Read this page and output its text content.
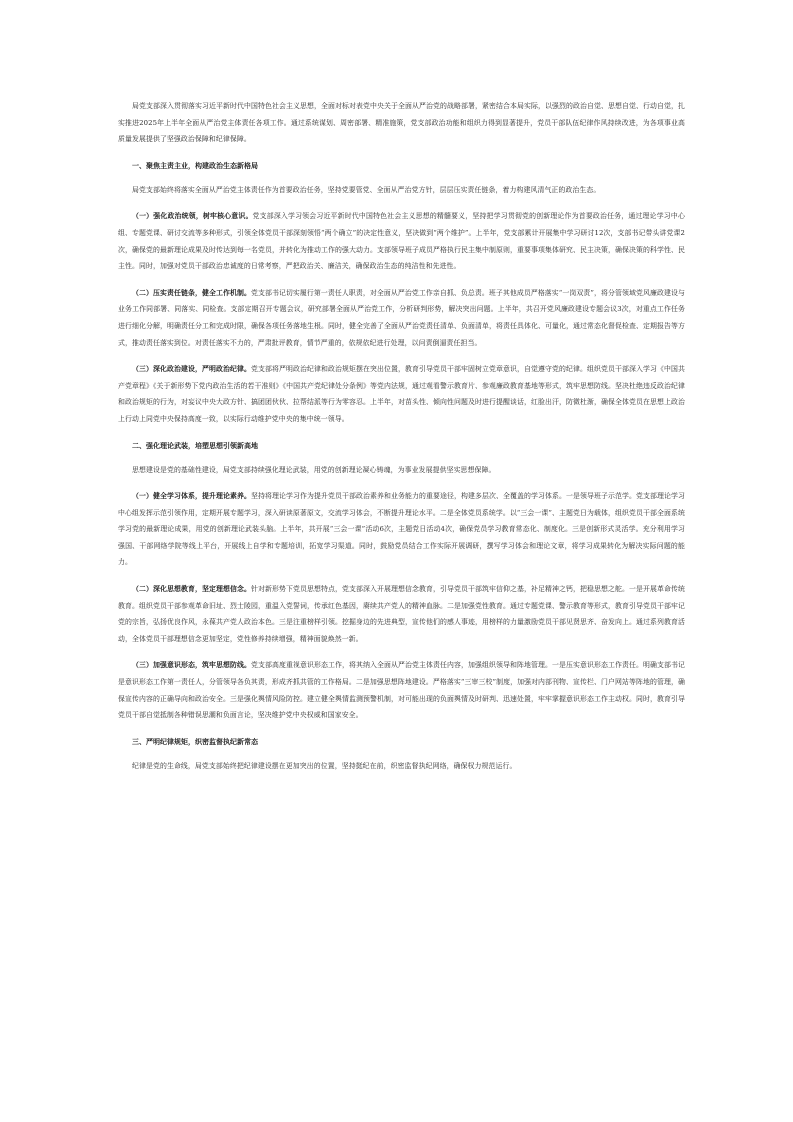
局党支部深入贯彻落实习近平新时代中国特色社会主义思想，全面对标对表党中央关于全面从严治党的战略部署，紧密结合本局实际，以强烈的政治自觉、思想自觉、行动自觉，扎实推进2025年上半年全面从严治党主体责任各项工作。通过系统谋划、周密部署、精准施策，党支部政治功能和组织力得到显著提升，党员干部队伍纪律作风持续改进，为各项事业高质量发展提供了坚强政治保障和纪律保障。

一、聚焦主责主业，构建政治生态新格局

局党支部始终将落实全面从严治党主体责任作为首要政治任务，坚持党要管党、全面从严治党方针，层层压实责任链条，着力构建风清气正的政治生态。

（一）强化政治统领，树牢核心意识。党支部深入学习领会习近平新时代中国特色社会主义思想的精髓要义，坚持把学习贯彻党的创新理论作为首要政治任务，通过理论学习中心组、专题党课、研讨交流等多种形式，引领全体党员干部深刻领悟“两个确立”的决定性意义，坚决做到“两个维护”。上半年，党支部累计开展集中学习研讨12次，支部书记带头讲党课2次，确保党的最新理论成果及时传达到每一名党员，并转化为推动工作的强大动力。支部领导班子成员严格执行民主集中制原则，重要事项集体研究、民主决策，确保决策的科学性、民主性。同时，加强对党员干部政治忠诚度的日常考察，严把政治关、廉洁关，确保政治生态的纯洁性和先进性。

（二）压实责任链条，健全工作机制。党支部书记切实履行第一责任人职责，对全面从严治党工作亲自抓、负总责。班子其他成员严格落实“一岗双责”，将分管领域党风廉政建设与业务工作同部署、同落实、同检查。支部定期召开专题会议，研究部署全面从严治党工作，分析研判形势，解决突出问题。上半年，共召开党风廉政建设专题会议3次，对重点工作任务进行细化分解，明确责任分工和完成时限，确保各项任务落地生根。同时，健全完善了全面从严治党责任清单、负面清单，将责任具体化、可量化，通过常态化督促检查、定期报告等方式，推动责任落实到位。对责任落实不力的，严肃批评教育，情节严重的，依规依纪进行处理，以问责倒逼责任担当。

（三）深化政治建设，严明政治纪律。党支部将严明政治纪律和政治规矩摆在突出位置，教育引导党员干部牢固树立党章意识，自觉遵守党的纪律。组织党员干部深入学习《中国共产党章程》《关于新形势下党内政治生活的若干准则》《中国共产党纪律处分条例》等党内法规，通过观看警示教育片、参观廉政教育基地等形式，筑牢思想防线。坚决杜绝违反政治纪律和政治规矩的行为，对妄议中央大政方针、搞团团伙伙、拉帮结派等行为零容忍。上半年，对苗头性、倾向性问题及时进行提醒谈话，红脸出汗，防微杜渐，确保全体党员在思想上政治上行动上同党中央保持高度一致，以实际行动维护党中央的集中统一领导。

二、强化理论武装，培塑思想引领新高地

思想建设是党的基础性建设，局党支部持续强化理论武装，用党的创新理论凝心铸魂，为事业发展提供坚实思想保障。

（一）健全学习体系，提升理论素养。坚持将理论学习作为提升党员干部政治素养和业务能力的重要途径，构建多层次、全覆盖的学习体系。一是领导班子示范学。党支部理论学习中心组发挥示范引领作用，定期开展专题学习，深入研读原著原文，交流学习体会，不断提升理论水平。二是全体党员系统学。以“三会一课”、主题党日为载体，组织党员干部全面系统学习党的最新理论成果，用党的创新理论武装头脑。上半年，共开展“三会一课”活动6次，主题党日活动4次，确保党员学习教育常态化、制度化。三是创新形式灵活学。充分利用学习强国、干部网络学院等线上平台，开展线上自学和专题培训，拓宽学习渠道。同时，鼓励党员结合工作实际开展调研，撰写学习体会和理论文章，将学习成果转化为解决实际问题的能力。

（二）深化思想教育，坚定理想信念。针对新形势下党员思想特点，党支部深入开展理想信念教育，引导党员干部筑牢信仰之基，补足精神之钙，把稳思想之舵。一是开展革命传统教育。组织党员干部参观革命旧址、烈士陵园，重温入党誓词，传承红色基因，赓续共产党人的精神血脉。二是加强党性教育。通过专题党课、警示教育等形式，教育引导党员干部牢记党的宗旨，弘扬优良作风，永葆共产党人政治本色。三是注重榜样引领。挖掘身边的先进典型，宣传他们的感人事迹，用榜样的力量激励党员干部见贤思齐、奋发向上。通过系列教育活动，全体党员干部理想信念更加坚定，党性修养持续增强，精神面貌焕然一新。

（三）加强意识形态，筑牢思想防线。党支部高度重视意识形态工作，将其纳入全面从严治党主体责任内容，加强组织领导和阵地管理。一是压实意识形态工作责任。明确支部书记是意识形态工作第一责任人，分管领导各负其责，形成齐抓共管的工作格局。二是加强思想阵地建设。严格落实“三审三校”制度，加强对内部刊物、宣传栏、门户网站等阵地的管理，确保宣传内容的正确导向和政治安全。三是强化舆情风险防控。建立健全舆情监测预警机制，对可能出现的负面舆情及时研判、迅速处置，牢牢掌握意识形态工作主动权。同时，教育引导党员干部自觉抵制各种错误思潮和负面言论，坚决维护党中央权威和国家安全。

三、严明纪律规矩，织密监督执纪新常态

纪律是党的生命线，局党支部始终把纪律建设摆在更加突出的位置，坚持挺纪在前，织密监督执纪网络，确保权力规范运行。
